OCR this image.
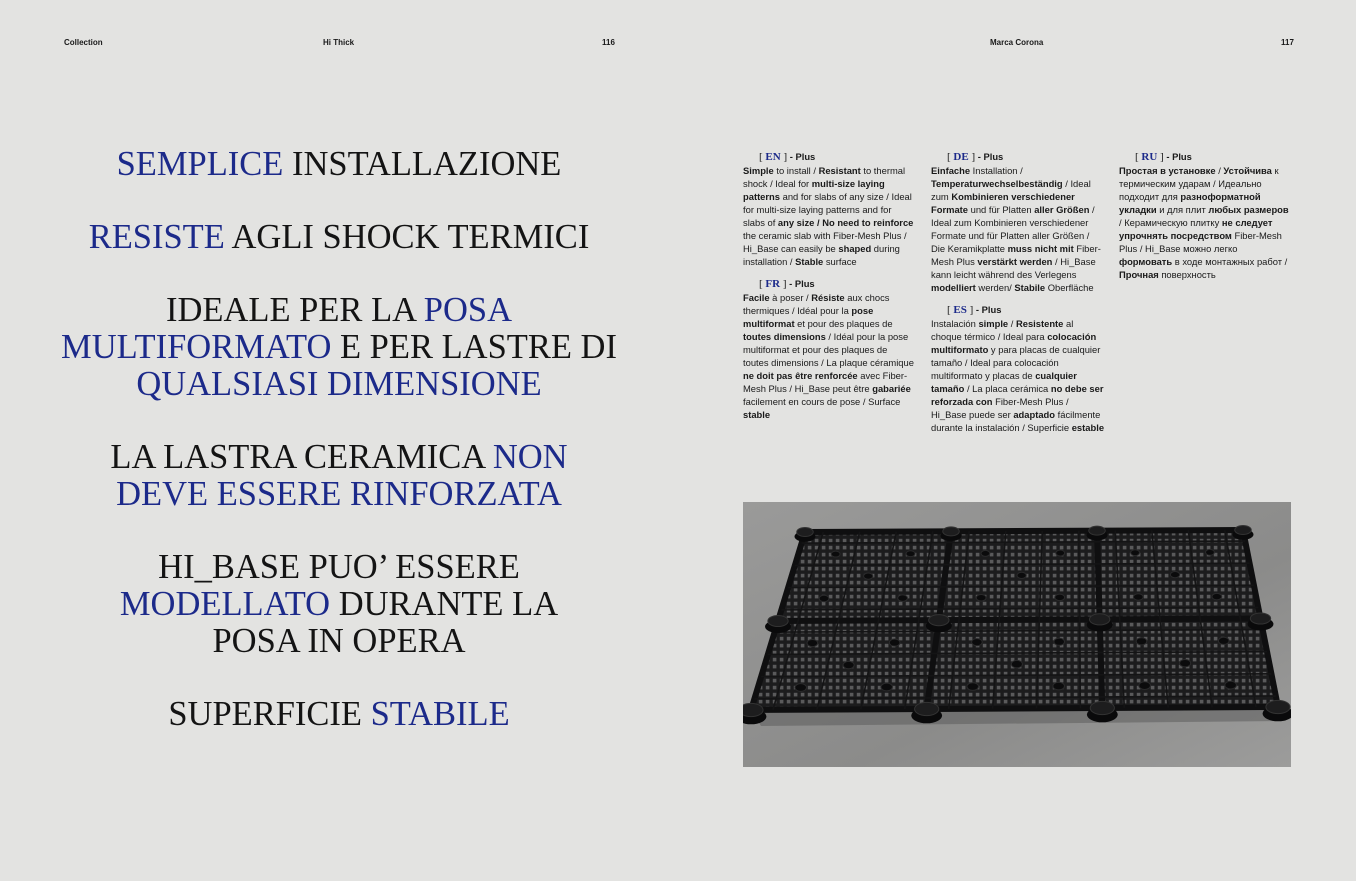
Collection	Hi Thick	116	Marca Corona	117
SEMPLICE INSTALLAZIONE
RESISTE AGLI SHOCK TERMICI
IDEALE PER LA POSA MULTIFORMATO E PER LASTRE DI QUALSIASI DIMENSIONE
LA LASTRA CERAMICA NON DEVE ESSERE RINFORZATA
HI_BASE PUO’ ESSERE MODELLATO DURANTE LA POSA IN OPERA
SUPERFICIE STABILE
[ EN ] - Plus
Simple to install / Resistant to thermal shock / Ideal for multi-size laying patterns and for slabs of any size / Ideal for multi-size laying patterns and for slabs of any size / No need to reinforce the ceramic slab with Fiber-Mesh Plus / Hi_Base can easily be shaped during installation / Stable surface
[ FR ] - Plus
Facile à poser / Résiste aux chocs thermiques / Idéal pour la pose multiformat et pour des plaques de toutes dimensions / Idéal pour la pose multiformat et pour des plaques de toutes dimensions / La plaque céramique ne doit pas être renforcée avec Fiber-Mesh Plus / Hi_Base peut être gabariée facilement en cours de pose / Surface stable
[ DE ] - Plus
Einfache Installation / Temperaturwechselbeständig / Ideal zum Kombinieren verschiedener Formate und für Platten aller Größen / Ideal zum Kombinieren verschiedener Formate und für Platten aller Größen / Die Keramikplatte muss nicht mit Fiber-Mesh Plus verstärkt werden / Hi_Base kann leicht während des Verlegens modelliert werden/ Stabile Oberfläche
[ ES ] - Plus
Instalación simple / Resistente al choque térmico / Ideal para colocación multiformato y para placas de cualquier tamaño / Ideal para colocación multiformato y placas de cualquier tamaño / La placa cerámica no debe ser reforzada con Fiber-Mesh Plus / Hi_Base puede ser adaptado fácilmente durante la instalación / Superficie estable
[ RU ] - Plus
Простая в установке / Устойчива к термическим ударам / Идеально подходит для разноформатной укладки и для плит любых размеров / Керамическую плитку не следует упрочнять посредством Fiber-Mesh Plus / Hi_Base можно легко формовать в ходе монтажных работ / Прочная поверхность
